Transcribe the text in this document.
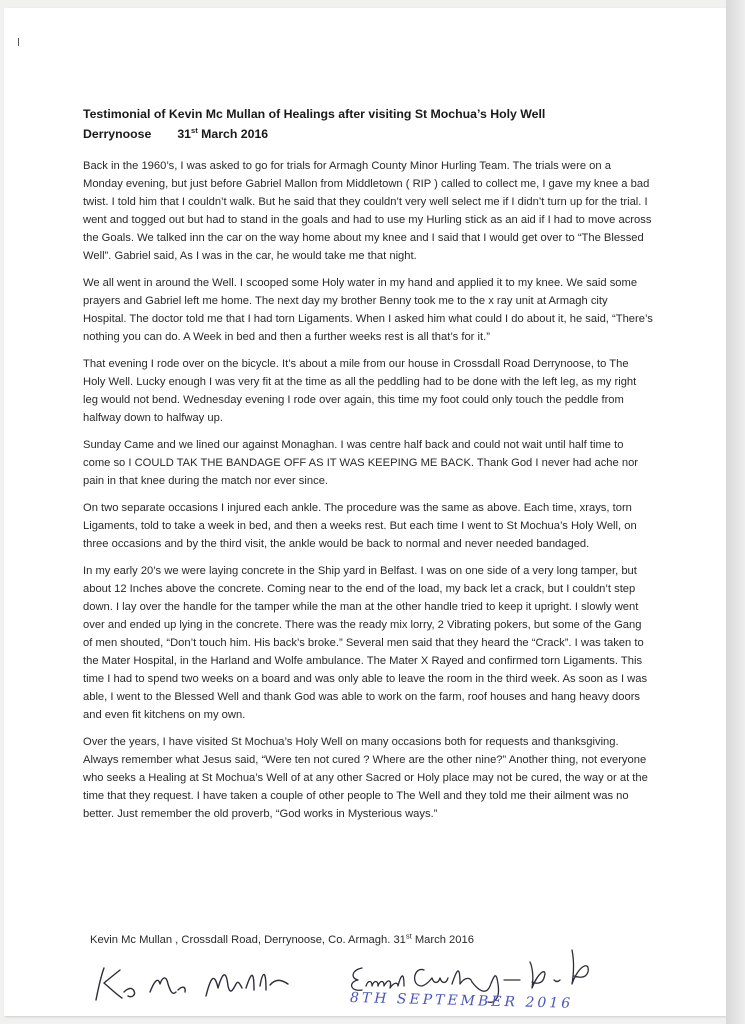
Testimonial of Kevin Mc Mullan of Healings after visiting St Mochua’s Holy Well
Derrynoose 31st March 2016

Back in the 1960’s, I was asked to go for trials for Armagh County Minor Hurling Team. The trials were on a Monday evening, but just before Gabriel Mallon from Middletown ( RIP ) called to collect me, I gave my knee a bad twist. I told him that I couldn’t walk. But he said that they couldn’t very well select me if I didn’t turn up for the trial. I went and togged out but had to stand in the goals and had to use my Hurling stick as an aid if I had to move across the Goals. We talked inn the car on the way home about my knee and I said that I would get over to “The Blessed Well”. Gabriel said, As I was in the car, he would take me that night.

We all went in around the Well. I scooped some Holy water in my hand and applied it to my knee. We said some prayers and Gabriel left me home. The next day my brother Benny took me to the x ray unit at Armagh city Hospital. The doctor told me that I had torn Ligaments. When I asked him what could I do about it, he said, “There’s nothing you can do. A Week in bed and then a further weeks rest is all that’s for it.”

That evening I rode over on the bicycle. It’s about a mile from our house in Crossdall Road Derrynoose, to The Holy Well. Lucky enough I was very fit at the time as all the peddling had to be done with the left leg, as my right leg would not bend. Wednesday evening I rode over again, this time my foot could only touch the peddle from halfway down to halfway up.

Sunday Came and we lined our against Monaghan. I was centre half back and could not wait until half time to come so I COULD TAK THE BANDAGE OFF AS IT WAS KEEPING ME BACK. Thank God I never had ache nor pain in that knee during the match nor ever since.

On two separate occasions I injured each ankle. The procedure was the same as above. Each time, xrays, torn Ligaments, told to take a week in bed, and then a weeks rest. But each time I went to St Mochua’s Holy Well, on three occasions and by the third visit, the ankle would be back to normal and never needed bandaged.

In my early 20’s we were laying concrete in the Ship yard in Belfast. I was on one side of a very long tamper, but about 12 Inches above the concrete. Coming near to the end of the load, my back let a crack, but I couldn’t step down. I lay over the handle for the tamper while the man at the other handle tried to keep it upright. I slowly went over and ended up lying in the concrete. There was the ready mix lorry, 2 Vibrating pokers, but some of the Gang of men shouted, “Don’t touch him. His back’s broke.” Several men said that they heard the “Crack”. I was taken to the Mater Hospital, in the Harland and Wolfe ambulance. The Mater X Rayed and confirmed torn Ligaments. This time I had to spend two weeks on a board and was only able to leave the room in the third week. As soon as I was able, I went to the Blessed Well and thank God was able to work on the farm, roof houses and hang heavy doors and even fit kitchens on my own.

Over the years, I have visited St Mochua’s Holy Well on many occasions both for requests and thanksgiving. Always remember what Jesus said, “Were ten not cured ? Where are the other nine?” Another thing, not everyone who seeks a Healing at St Mochua’s Well of at any other Sacred or Holy place may not be cured, the way or at the time that they request. I have taken a couple of other people to The Well and they told me their ailment was no better. Just remember the old proverb, “God works in Mysterious ways.”

Kevin Mc Mullan , Crossdall Road, Derrynoose, Co. Armagh. 31st March 2016
8TH SEPTEMBER 2016
